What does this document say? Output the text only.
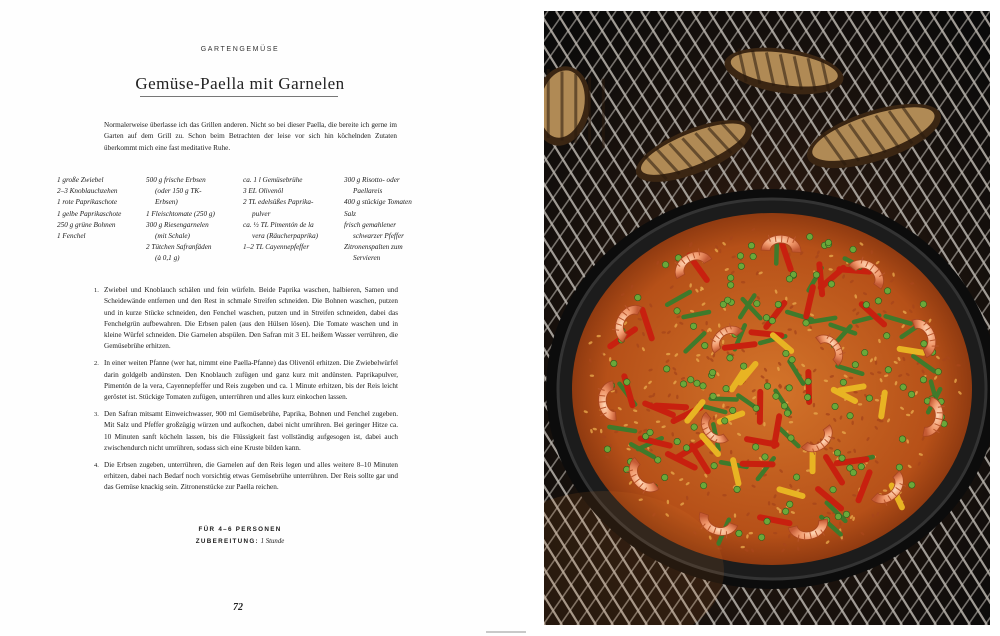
GARTENGEMÜSE
Gemüse-Paella mit Garnelen
Normalerweise überlasse ich das Grillen anderen. Nicht so bei dieser Paella, die bereite ich gerne im Garten auf dem Grill zu. Schon beim Betrachten der leise vor sich hin köchelnden Zutaten überkommt mich eine fast meditative Ruhe.
1 große Zwiebel
2–3 Knoblauchzehen
1 rote Paprikaschote
1 gelbe Paprikaschote
250 g grüne Bohnen
1 Fenchel
500 g frische Erbsen
(oder 150 g TK-
Erbsen)
1 Fleischtomate (250 g)
300 g Riesengarnelen
(mit Schale)
2 Tütchen Safranfäden
(à 0,1 g)
ca. 1 l Gemüsebrühe
3 EL Olivenöl
2 TL edelsüßes Paprika-
pulver
ca. ½ TL Pimentón de la
vera (Räucherpaprika)
1–2 TL Cayennepfeffer
300 g Risotto- oder
Paellareis
400 g stückige Tomaten
Salz
frisch gemahlener
schwarzer Pfeffer
Zitronenspalten zum
Servieren
1. Zwiebel und Knoblauch schälen und fein würfeln. Beide Paprika waschen, halbieren, Samen und Scheidewände entfernen und den Rest in schmale Streifen schneiden. Die Bohnen waschen, putzen und in kurze Stücke schneiden, den Fenchel waschen, putzen und in Streifen schneiden, dabei das Fenchelgrün aufbewahren. Die Erbsen palen (aus den Hülsen lösen). Die Tomate waschen und in kleine Würfel schneiden. Die Garnelen abspülen. Den Safran mit 3 EL heißem Wasser verrühren, die Gemüsebrühe erhitzen.
2. In einer weiten Pfanne (wer hat, nimmt eine Paella-Pfanne) das Olivenöl erhitzen. Die Zwiebelwürfel darin goldgelb andünsten. Den Knoblauch zufügen und ganz kurz mit andünsten. Paprikapulver, Pimentón de la vera, Cayennepfeffer und Reis zugeben und ca. 1 Minute erhitzen, bis der Reis leicht geröstet ist. Stückige Tomaten zufügen, unterrühren und alles kurz einkochen lassen.
3. Den Safran mitsamt Einweichwasser, 900 ml Gemüsebrühe, Paprika, Bohnen und Fenchel zugeben. Mit Salz und Pfeffer großzügig würzen und aufkochen, dabei nicht umrühren. Bei geringer Hitze ca. 10 Minuten sanft köcheln lassen, bis die Flüssigkeit fast vollständig aufgesogen ist, dabei auch zwischendurch nicht umrühren, sodass sich eine Kruste bilden kann.
4. Die Erbsen zugeben, unterrühren, die Garnelen auf den Reis legen und alles weitere 8–10 Minuten erhitzen, dabei nach Bedarf noch vorsichtig etwas Gemüsebrühe unterrühren. Der Reis sollte gar und das Gemüse knackig sein. Zitronenstücke zur Paella reichen.
FÜR 4–6 PERSONEN
ZUBEREITUNG: 1 Stunde
72
